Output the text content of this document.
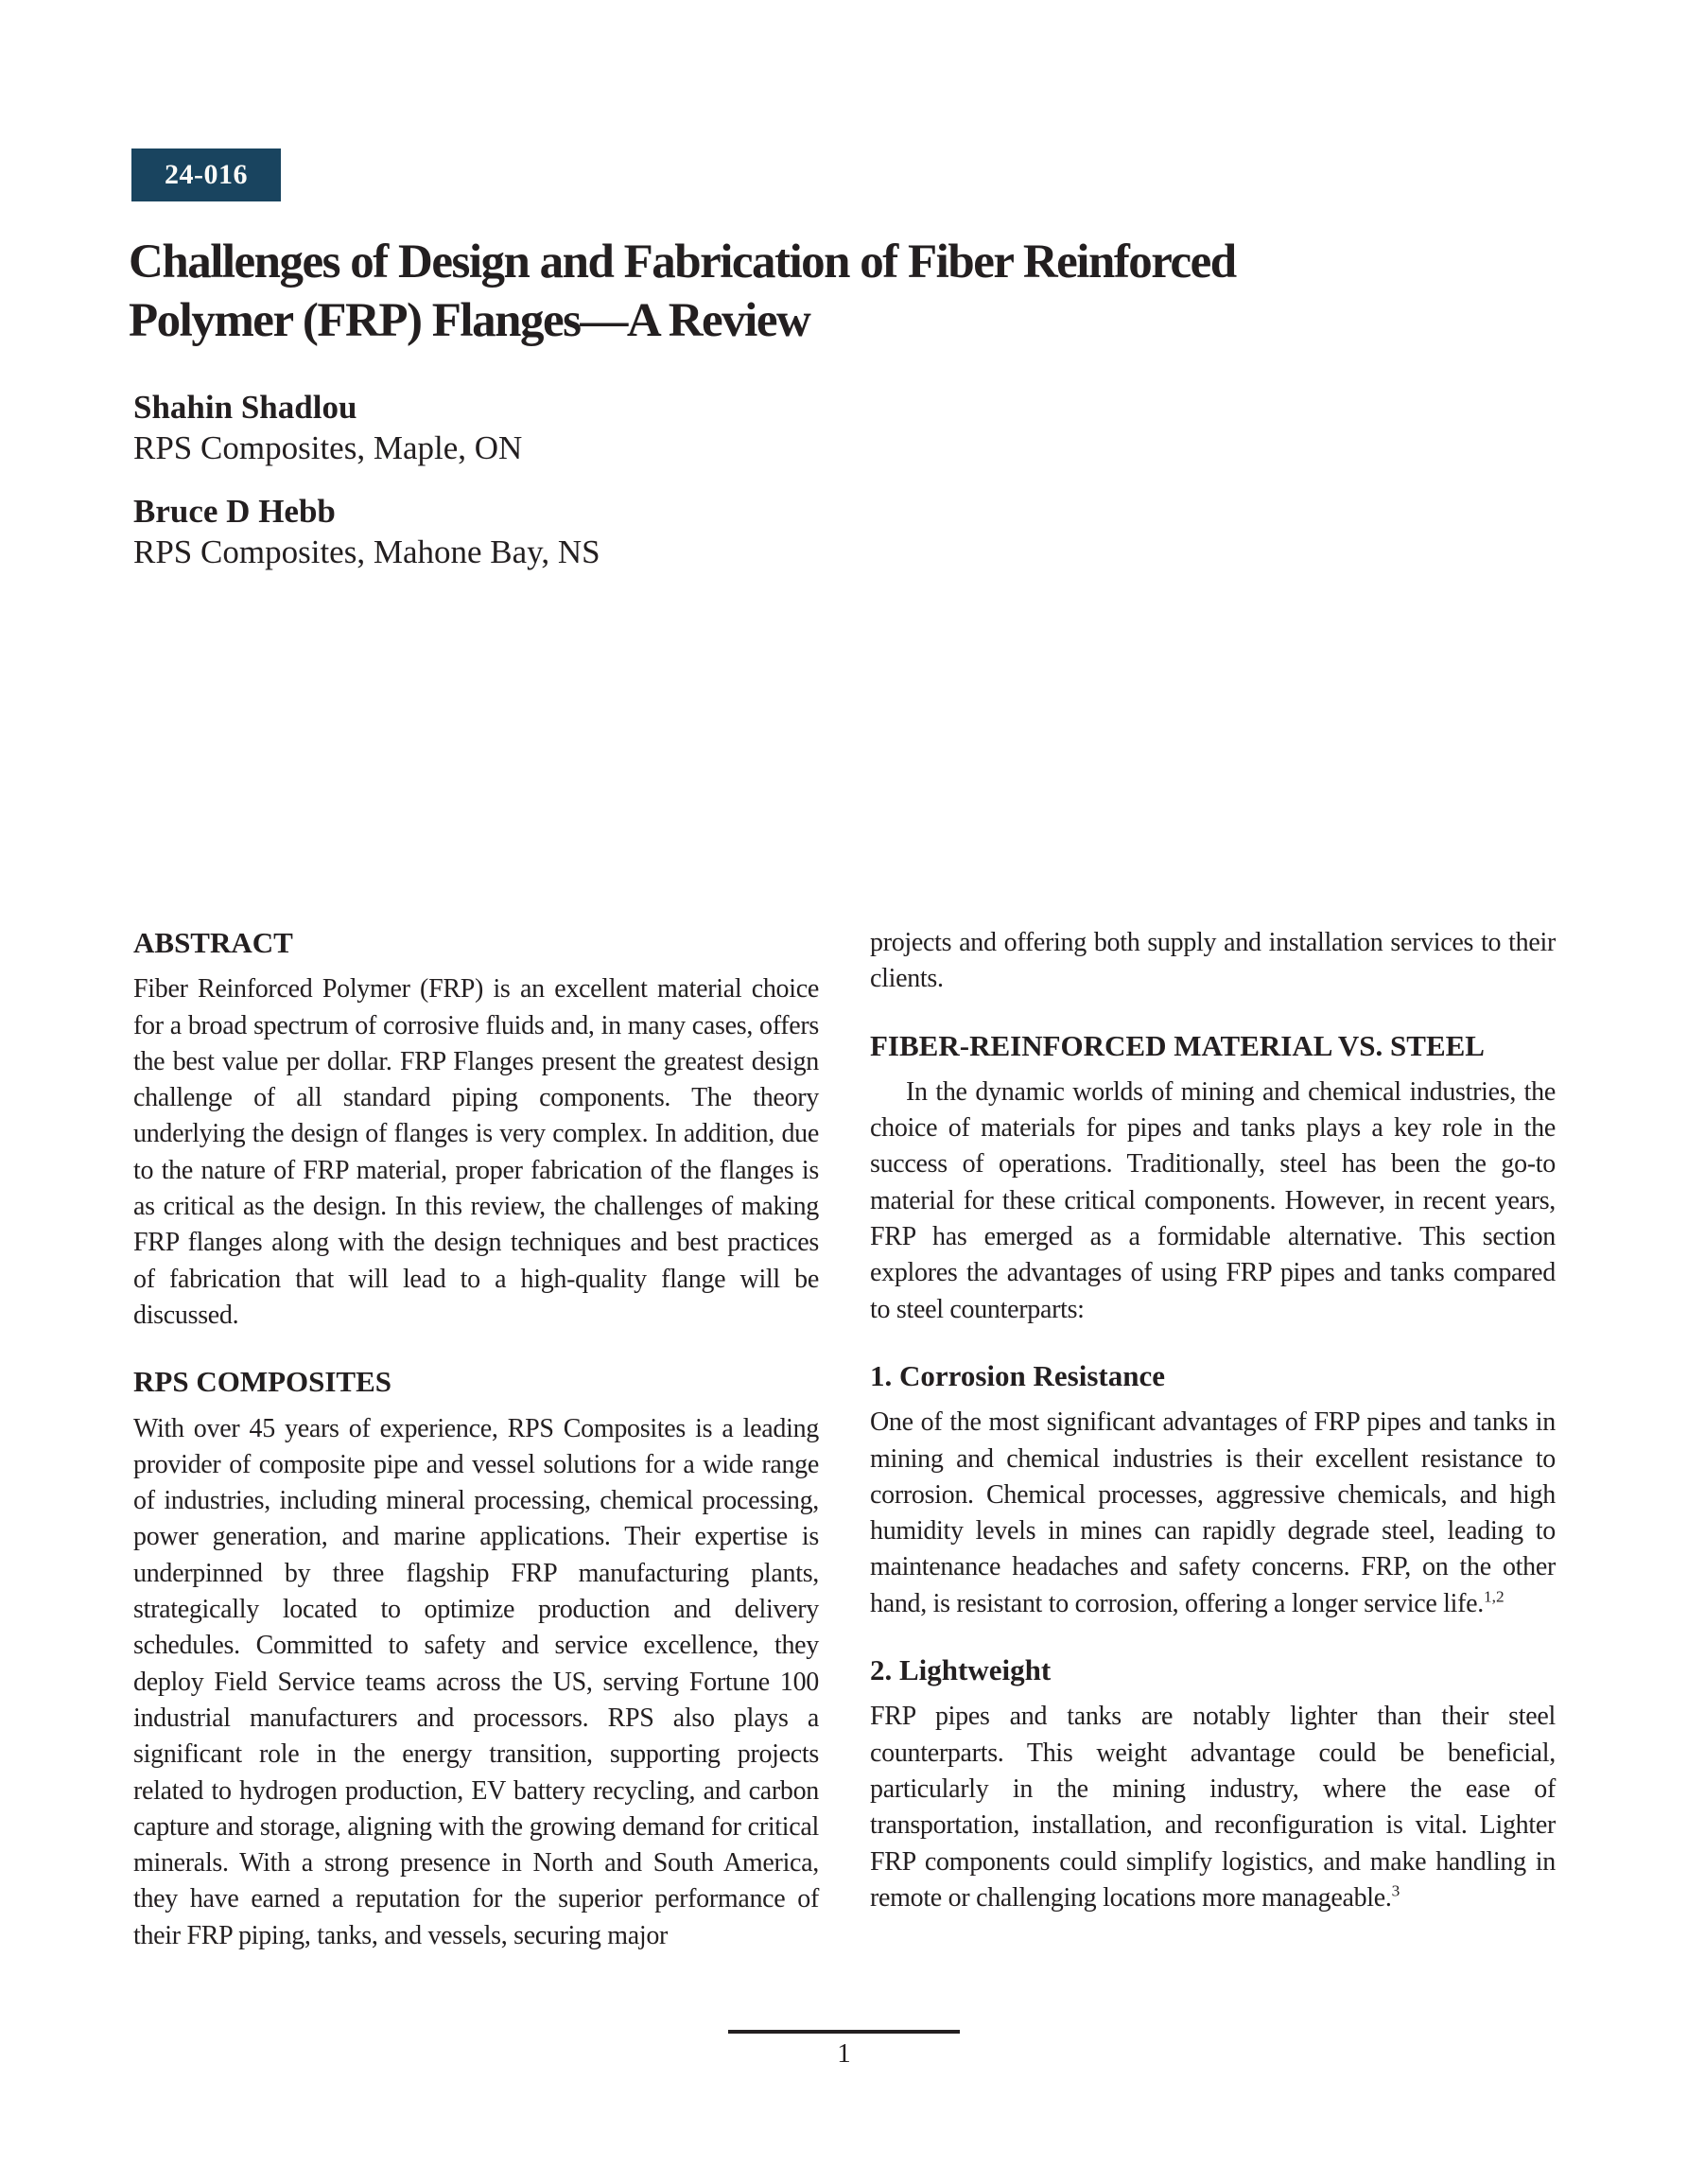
24-016
Challenges of Design and Fabrication of Fiber Reinforced
Polymer (FRP) Flanges—A Review
Shahin Shadlou
RPS Composites, Maple, ON
Bruce D Hebb
RPS Composites, Mahone Bay, NS
ABSTRACT

Fiber Reinforced Polymer (FRP) is an excellent material choice for a broad spectrum of corrosive fluids and, in many cases, offers the best value per dollar. FRP Flanges present the greatest design challenge of all standard piping components. The theory underlying the design of flanges is very complex. In addition, due to the nature of FRP material, proper fabrication of the flanges is as critical as the design. In this review, the challenges of making FRP flanges along with the design techniques and best practices of fabrication that will lead to a high-quality flange will be discussed.

RPS COMPOSITES

With over 45 years of experience, RPS Composites is a leading provider of composite pipe and vessel solutions for a wide range of industries, including mineral processing, chemical processing, power generation, and marine applications. Their expertise is underpinned by three flagship FRP manufacturing plants, strategically located to optimize production and delivery schedules. Committed to safety and service excellence, they deploy Field Service teams across the US, serving Fortune 100 industrial manufacturers and processors. RPS also plays a significant role in the energy transition, supporting projects related to hydrogen production, EV battery recycling, and carbon capture and storage, aligning with the growing demand for critical minerals. With a strong presence in North and South America, they have earned a reputation for the superior performance of their FRP piping, tanks, and vessels, securing major

projects and offering both supply and installation services to their clients.

FIBER-REINFORCED MATERIAL VS. STEEL

In the dynamic worlds of mining and chemical industries, the choice of materials for pipes and tanks plays a key role in the success of operations. Traditionally, steel has been the go-to material for these critical components. However, in recent years, FRP has emerged as a formidable alternative. This section explores the advantages of using FRP pipes and tanks compared to steel counterparts:

1. Corrosion Resistance

One of the most significant advantages of FRP pipes and tanks in mining and chemical industries is their excellent resistance to corrosion. Chemical processes, aggressive chemicals, and high humidity levels in mines can rapidly degrade steel, leading to maintenance headaches and safety concerns. FRP, on the other hand, is resistant to corrosion, offering a longer service life.$^{1,2}$

2. Lightweight

FRP pipes and tanks are notably lighter than their steel counterparts. This weight advantage could be beneficial, particularly in the mining industry, where the ease of transportation, installation, and reconfiguration is vital. Lighter FRP components could simplify logistics, and make handling in remote or challenging locations more manageable.$^3$

1
